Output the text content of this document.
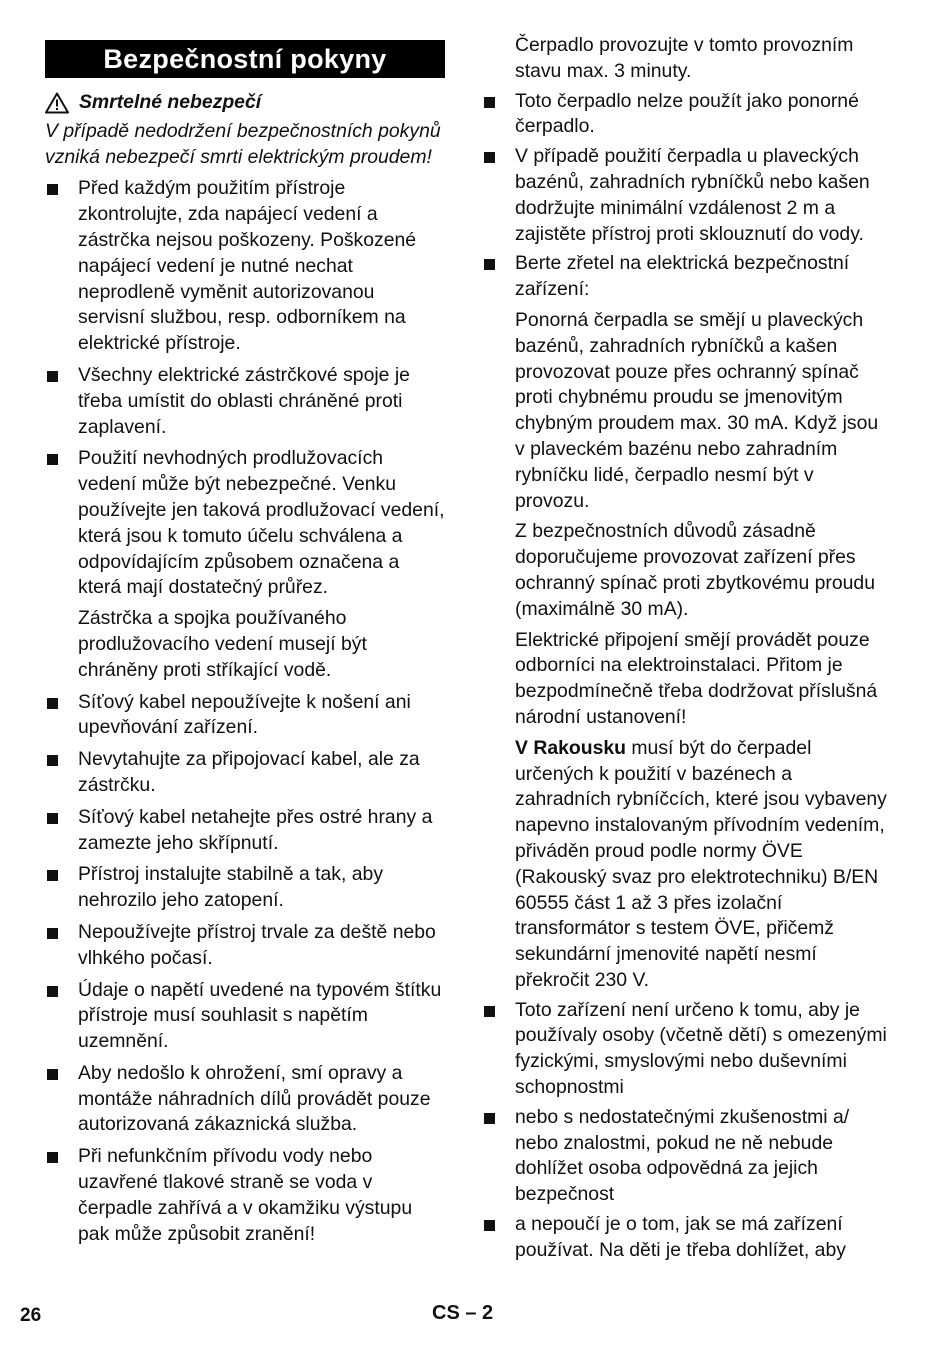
Bezpečnostní pokyny
Smrtelné nebezpečí
V případě nedodržení bezpečnostních pokynů vzniká nebezpečí smrti elektrickým proudem!
Před každým použitím přístroje zkontrolujte, zda napájecí vedení a zástrčka nejsou poškozeny. Poškozené napájecí vedení je nutné nechat neprodleně vyměnit autorizovanou servisní službou, resp. odborníkem na elektrické přístroje.
Všechny elektrické zástrčkové spoje je třeba umístit do oblasti chráněné proti zaplavení.
Použití nevhodných prodlužovacích vedení může být nebezpečné. Venku používejte jen taková prodlužovací vedení, která jsou k tomuto účelu schválena a odpovídajícím způsobem označena a která mají dostatečný průřez.
Zástrčka a spojka používaného prodlužovacího vedení musejí být chráněny proti stříkající vodě.
Síťový kabel nepoužívejte k nošení ani upevňování zařízení.
Nevytahujte za připojovací kabel, ale za zástrčku.
Síťový kabel netahejte přes ostré hrany a zamezte jeho skřípnutí.
Přístroj instalujte stabilně a tak, aby nehrozilo jeho zatopení.
Nepoužívejte přístroj trvale za deště nebo vlhkého počasí.
Údaje o napětí uvedené na typovém štítku přístroje musí souhlasit s napětím uzemnění.
Aby nedošlo k ohrožení, smí opravy a montáže náhradních dílů provádět pouze autorizovaná zákaznická služba.
Při nefunkčním přívodu vody nebo uzavřené tlakové straně se voda v čerpadle zahřívá a v okamžiku výstupu pak může způsobit zranění!
Čerpadlo provozujte v tomto provozním stavu max. 3 minuty.
Toto čerpadlo nelze použít jako ponorné čerpadlo.
V případě použití čerpadla u plaveckých bazénů, zahradních rybníčků nebo kašen dodržujte minimální vzdálenost 2 m a zajistěte přístroj proti sklouznutí do vody.
Berte zřetel na elektrická bezpečnostní zařízení:
Ponorná čerpadla se smějí u plaveckých bazénů, zahradních rybníčků a kašen provozovat pouze přes ochranný spínač proti chybnému proudu se jmenovitým chybným proudem max. 30 mA. Když jsou v plaveckém bazénu nebo zahradním rybníčku lidé, čerpadlo nesmí být v provozu.
Z bezpečnostních důvodů zásadně doporučujeme provozovat zařízení přes ochranný spínač proti zbytkovému proudu (maximálně 30 mA).
Elektrické připojení smějí provádět pouze odborníci na elektroinstalaci. Přitom je bezpodmínečně třeba dodržovat příslušná národní ustanovení!
V Rakousku musí být do čerpadel určených k použití v bazénech a zahradních rybníčcích, které jsou vybaveny napevno instalovaným přívodním vedením, přiváděn proud podle normy ÖVE (Rakouský svaz pro elektrotechniku) B/EN 60555 část 1 až 3 přes izolační transformátor s testem ÖVE, přičemž sekundární jmenovité napětí nesmí překročit 230 V.
Toto zařízení není určeno k tomu, aby je používaly osoby (včetně dětí) s omezenými fyzickými, smyslovými nebo duševními schopnostmi
nebo s nedostatečnými zkušenostmi a/ nebo znalostmi, pokud ne ně nebude dohlížet osoba odpovědná za jejich bezpečnost
a nepoučí je o tom, jak se má zařízení používat. Na děti je třeba dohlížet, aby
26	CS – 2
